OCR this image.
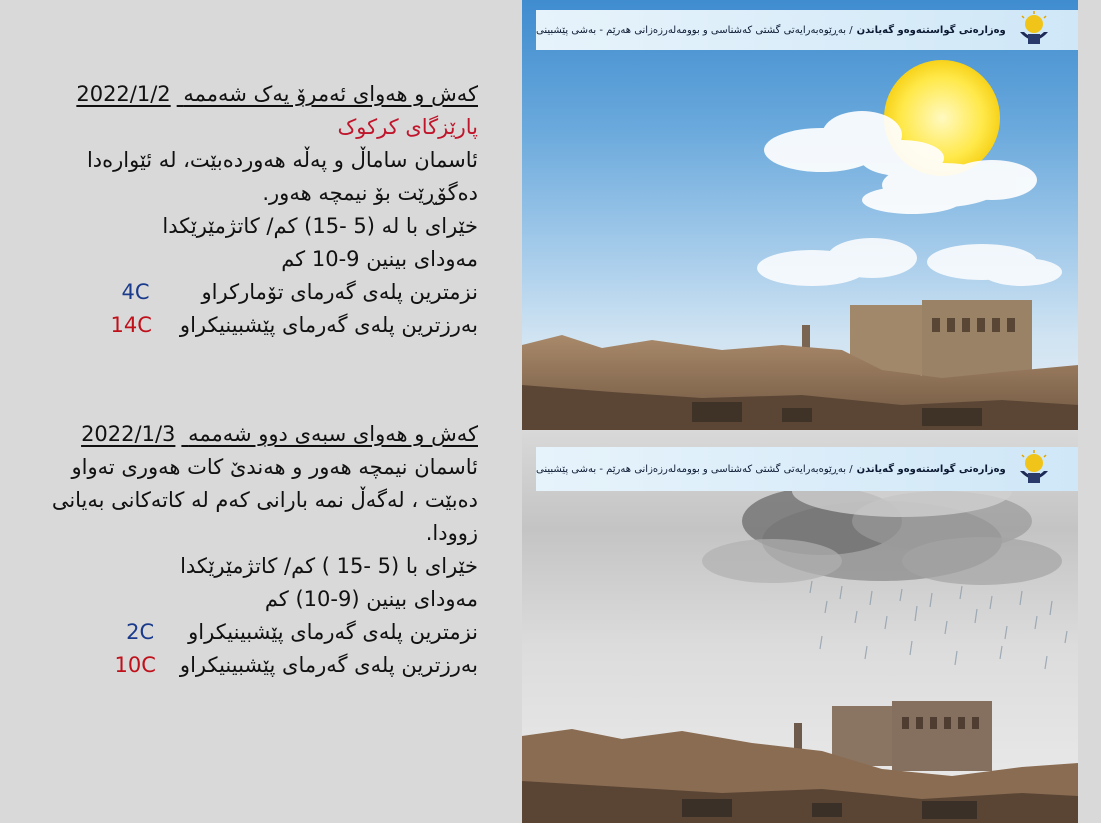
کەش و هەوای ئەمرۆ یەک شەممە 2022/1/2
پارێزگای کرکوک
ئاسمان ساماڵ و پەڵە هەوردەبێت، لە ئێوارەدا دەگۆڕێت بۆ نیمچە هەور.
خێرای با لە (5 -15) کم/ کاتژمێرێکدا
مەودای بینین 9-10 کم
نزمترین پلەی گەرمای تۆمارکراو
4C
بەرزترین پلەی گەرمای پێشبینیکراو
14C
کەش و هەوای سبەی دوو شەممە 2022/1/3
ئاسمان نیمچە هەور و هەندێ کات هەوری تەواو دەبێت ، لەگەڵ نمە بارانی کەم لە کاتەکانی بەیانی زوودا.
خێرای با (5 -15 ) کم/ کاتژمێرێکدا
مەودای بینین (9-10) کم
نزمترین پلەی گەرمای پێشبینیکراو
2C
بەرزترین پلەی گەرمای پێشبینیکراو
10C
وەزارەتی گواستنەوەو گەیاندن/ بەڕێوەبەرایەتی گشتی کەشناسی و بوومەلەرزەزانی هەرێم - بەشی پێشبینی
وەزارەتی گواستنەوەو گەیاندن/ بەڕێوەبەرایەتی گشتی کەشناسی و بوومەلەرزەزانی هەرێم - بەشی پێشبینی
